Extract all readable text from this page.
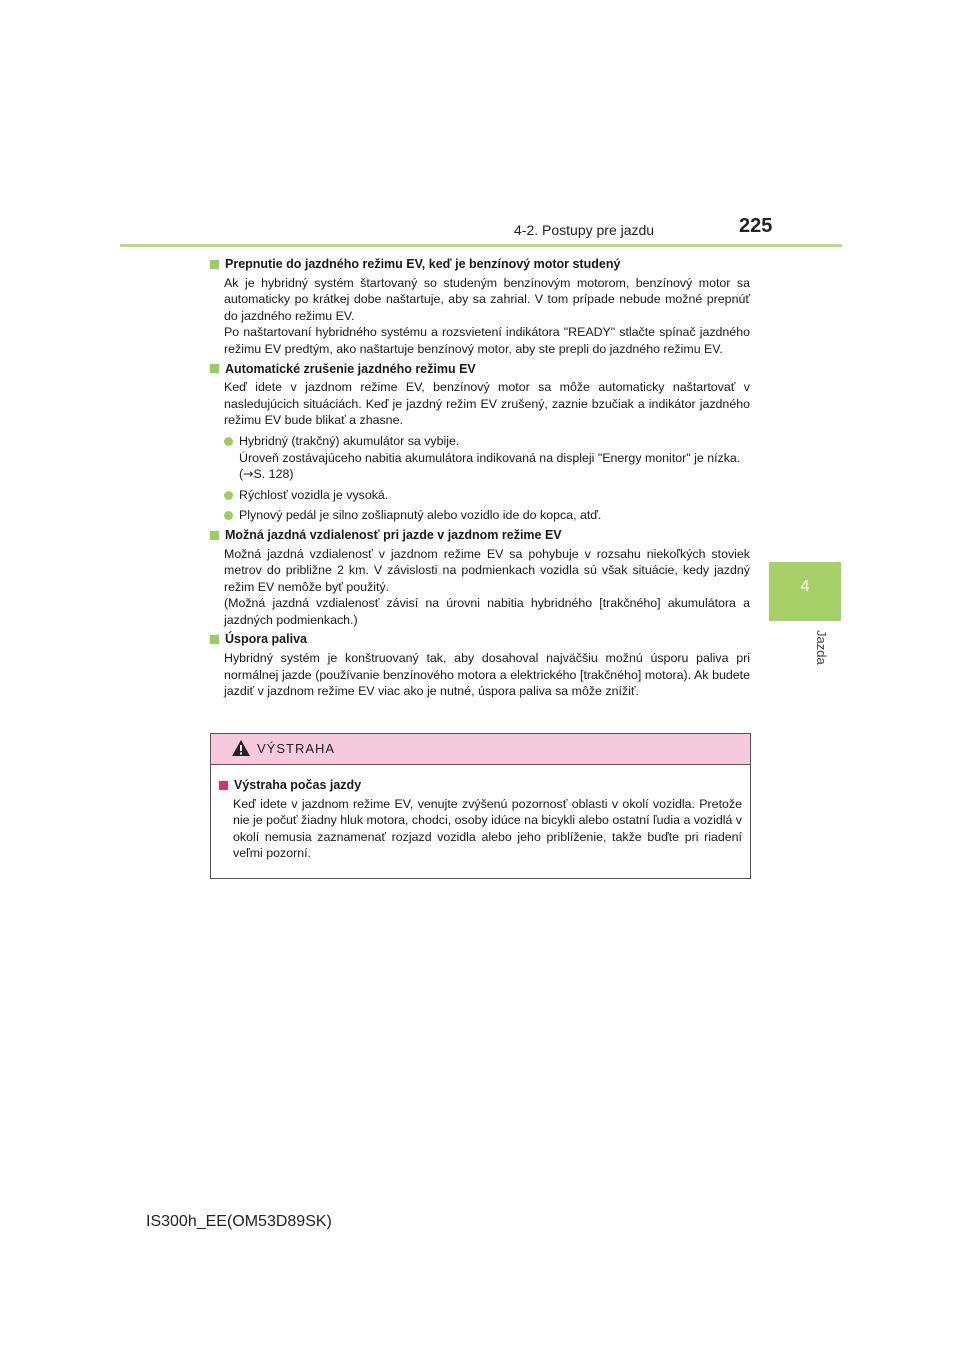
4-2. Postupy pre jazdu	225
4
Jazda
Prepnutie do jazdného režimu EV, keď je benzínový motor studený

Ak je hybridný systém štartovaný so studeným benzínovým motorom, benzínový motor sa automaticky po krátkej dobe naštartuje, aby sa zahrial. V tom prípade nebude možné prepnúť do jazdného režimu EV.

Po naštartovaní hybridného systému a rozsvietení indikátora "READY" stlačte spínač jazdného režimu EV predtým, ako naštartuje benzínový motor, aby ste prepli do jazdného režimu EV.

Automatické zrušenie jazdného režimu EV

Keď idete v jazdnom režime EV, benzínový motor sa môže automaticky naštartovať v nasledujúcich situáciách. Keď je jazdný režim EV zrušený, zaznie bzučiak a indikátor jazdného režimu EV bude blikať a zhasne.

Hybridný (trakčný) akumulátor sa vybije.
Úroveň zostávajúceho nabitia akumulátora indikovaná na displeji "Energy monitor" je nízka. (→S. 128)
Rýchlosť vozidla je vysoká.
Plynový pedál je silno zošliapnutý alebo vozidlo ide do kopca, atď.
Možná jazdná vzdialenosť pri jazde v jazdnom režime EV

Možná jazdná vzdialenosť v jazdnom režime EV sa pohybuje v rozsahu niekoľkých stoviek metrov do približne 2 km. V závislosti na podmienkach vozidla sú však situácie, kedy jazdný režim EV nemôže byť použitý.

(Možná jazdná vzdialenosť závisí na úrovni nabitia hybridného [trakčného] akumulátora a jazdných podmienkach.)

Úspora paliva

Hybridný systém je konštruovaný tak, aby dosahoval najväčšiu možnú úsporu paliva pri normálnej jazde (používanie benzínového motora a elektrického [trakčného] motora). Ak budete jazdiť v jazdnom režime EV viac ako je nutné, úspora paliva sa môže znížiť.

VÝSTRAHA
Výstraha počas jazdy

Keď idete v jazdnom režime EV, venujte zvýšenú pozornosť oblasti v okolí vozidla. Pretože nie je počuť žiadny hluk motora, chodci, osoby idúce na bicykli alebo ostatní ľudia a vozidlá v okolí nemusia zaznamenať rozjazd vozidla alebo jeho priblíženie, takže buďte pri riadení veľmi pozorní.

IS300h_EE(OM53D89SK)
